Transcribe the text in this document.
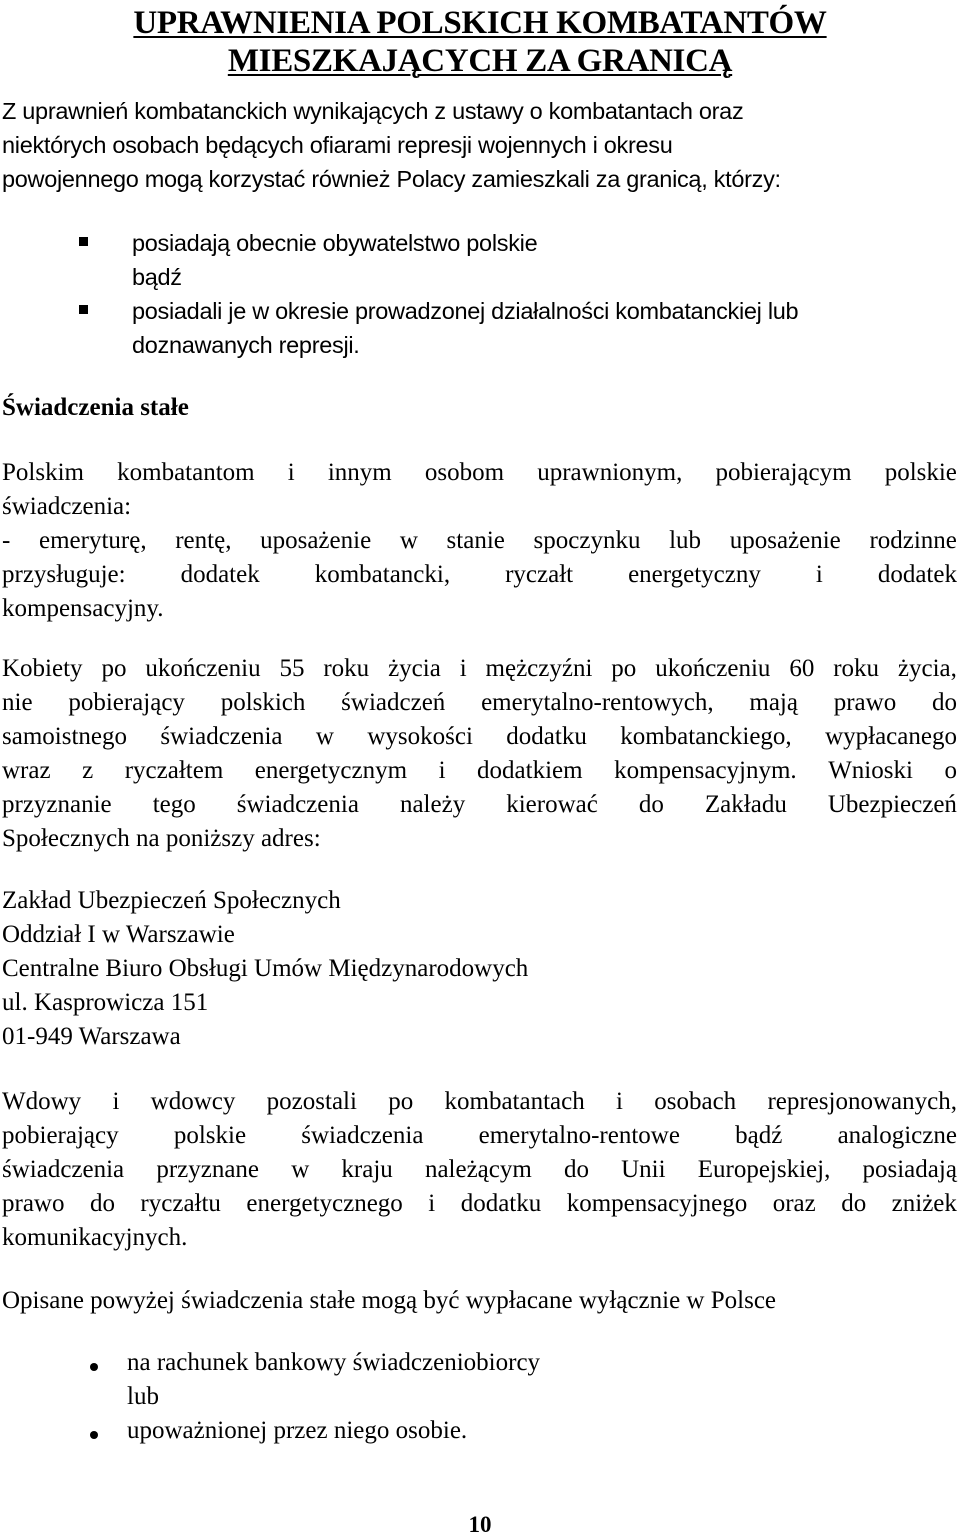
UPRAWNIENIA POLSKICH KOMBATANTÓW

MIESZKAJĄCYCH ZA GRANICĄ

Z uprawnień kombatanckich wynikających z ustawy o kombatantach oraz

niektórych osobach będących ofiarami represji wojennych i okresu

powojennego mogą korzystać również Polacy zamieszkali za granicą, którzy:

posiadają obecnie obywatelstwo polskie

bądź

posiadali je w okresie prowadzonej działalności kombatanckiej lub

doznawanych represji.

Świadczenia stałe

Polskim kombatantom i innym osobom uprawnionym, pobierającym polskie

świadczenia:

- emeryturę, rentę, uposażenie w stanie spoczynku lub uposażenie rodzinne

przysługuje: dodatek kombatancki, ryczałt energetyczny i dodatek

kompensacyjny.

Kobiety po ukończeniu 55 roku życia i mężczyźni po ukończeniu 60 roku życia,

nie pobierający polskich świadczeń emerytalno-rentowych, mają prawo do

samoistnego świadczenia w wysokości dodatku kombatanckiego, wypłacanego

wraz z ryczałtem energetycznym i dodatkiem kompensacyjnym. Wnioski o

przyznanie tego świadczenia należy kierować do Zakładu Ubezpieczeń

Społecznych na poniższy adres:

Zakład Ubezpieczeń Społecznych

Oddział I w Warszawie

Centralne Biuro Obsługi Umów Międzynarodowych

ul. Kasprowicza 151

01-949 Warszawa

Wdowy i wdowcy pozostali po kombatantach i osobach represjonowanych,

pobierający polskie świadczenia emerytalno-rentowe bądź analogiczne

świadczenia przyznane w kraju należącym do Unii Europejskiej, posiadają

prawo do ryczałtu energetycznego i dodatku kompensacyjnego oraz do zniżek

komunikacyjnych.

Opisane powyżej świadczenia stałe mogą być wypłacane wyłącznie w Polsce

na rachunek bankowy świadczeniobiorcy

lub

upoważnionej przez niego osobie.

10
